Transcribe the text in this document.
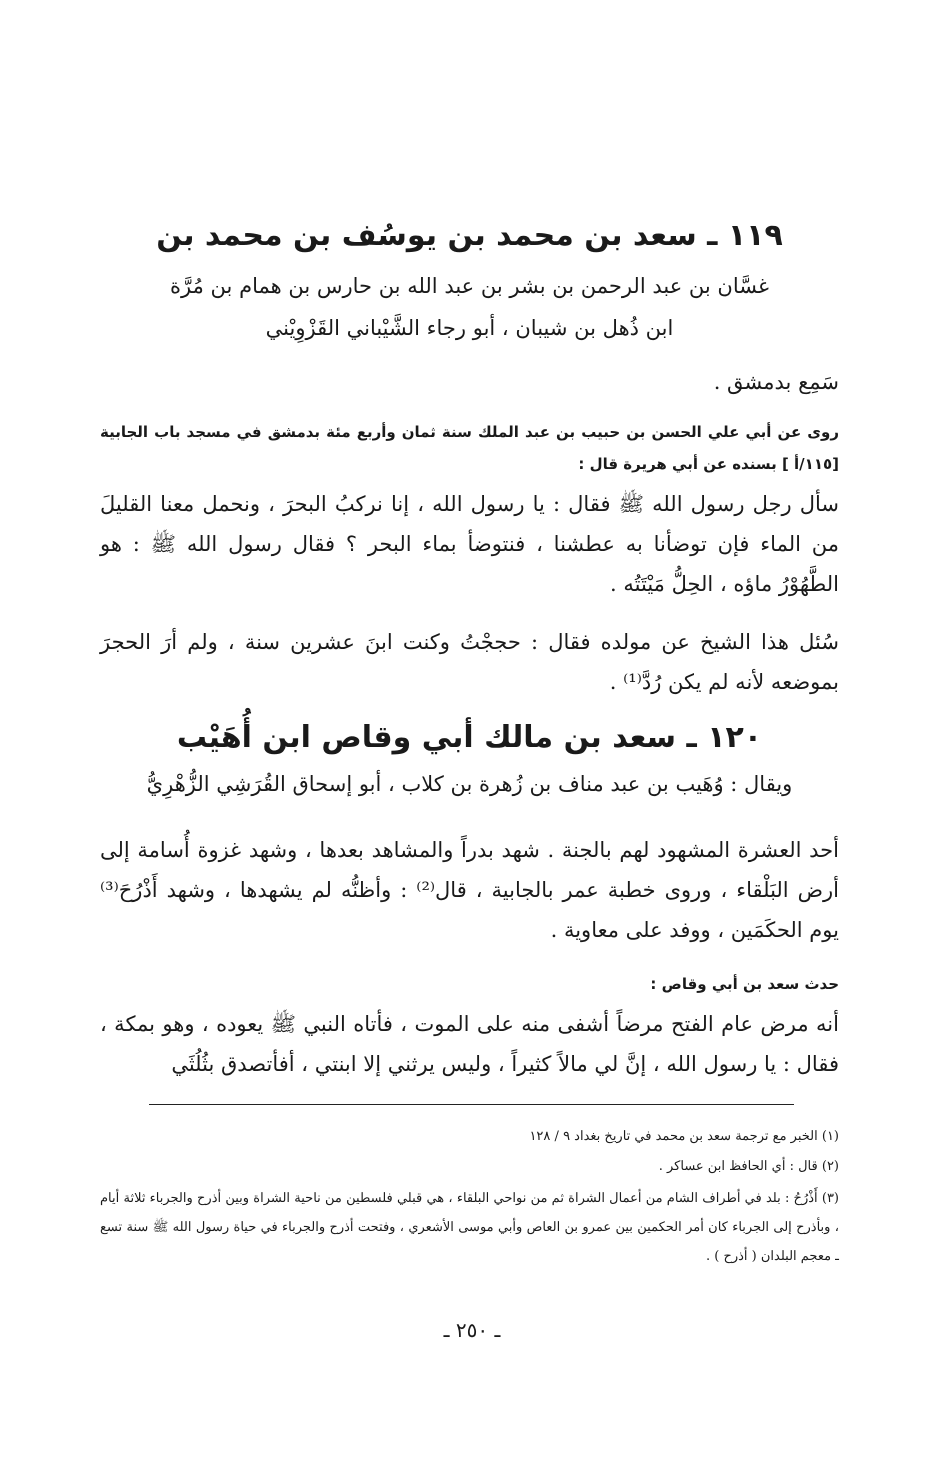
١١٩ ـ سعد بن محمد بن يوسُف بن محمد بن
غسَّان بن عبد الرحمن بن بشر بن عبد الله بن حارس بن همام بن مُرَّة
ابن ذُهل بن شيبان ، أبو رجاء الشَّيْباني القَزْوِيْني
سَمِع بدمشق .
روى عن أبي علي الحسن بن حبيب بن عبد الملك سنة ثمان وأربع مئة بدمشق في مسجد باب الجابية [١١٥/أ ] بسنده عن أبي هريرة قال :
سأل رجل رسول الله ﷺ فقال : يا رسول الله ، إنا نركبُ البحرَ ، ونحمل معنا القليلَ من الماء فإن توضأنا به عطشنا ، فنتوضأ بماء البحر ؟ فقال رسول الله ﷺ : هو الطَّهُوْرُ ماؤه ، الحِلُّ مَيْتَتُه .
سُئل هذا الشيخ عن مولده فقال : حججْتُ وكنت ابنَ عشرين سنة ، ولم أرَ الحجرَ بموضعه لأنه لم يكن رُدَّ⁽¹⁾ .
١٢٠ ـ سعد بن مالك أبي وقاص ابن أُهَيْب
ويقال : وُهَيب بن عبد مناف بن زُهرة بن كلاب ، أبو إسحاق القُرَشِي الزُّهْرِيُّ
أحد العشرة المشهود لهم بالجنة . شهد بدراً والمشاهد بعدها ، وشهد غزوة أُسامة إلى أرض البَلْقاء ، وروى خطبة عمر بالجابية ، قال⁽²⁾ : وأظنُّه لم يشهدها ، وشهد أَذْرُحَ⁽³⁾ يوم الحكَمَين ، ووفد على معاوية .
حدث سعد بن أبي وقاص :
أنه مرض عام الفتح مرضاً أشفى منه على الموت ، فأتاه النبي ﷺ يعوده ، وهو بمكة ، فقال : يا رسول الله ، إنَّ لي مالاً كثيراً ، وليس يرثني إلا ابنتي ، أفأتصدق بثُلُثَي
(١) الخبر مع ترجمة سعد بن محمد في تاريخ بغداد ٩ / ١٢٨
(٢) قال : أي الحافظ ابن عساكر .
(٣) أَذْرُحُ : بلد في أطراف الشام من أعمال الشراة ثم من نواحي البلقاء ، هي قبلي فلسطين من ناحية الشراة وبين أذرح والجرباء ثلاثة أيام ، وبأذرح إلى الجرباء كان أمر الحكمين بين عمرو بن العاص وأبي موسى الأشعري ، وفتحت أذرح والجرباء في حياة رسول الله ﷺ سنة تسع ـ معجم البلدان ( أذرح ) .
ـ ٢٥٠ ـ
